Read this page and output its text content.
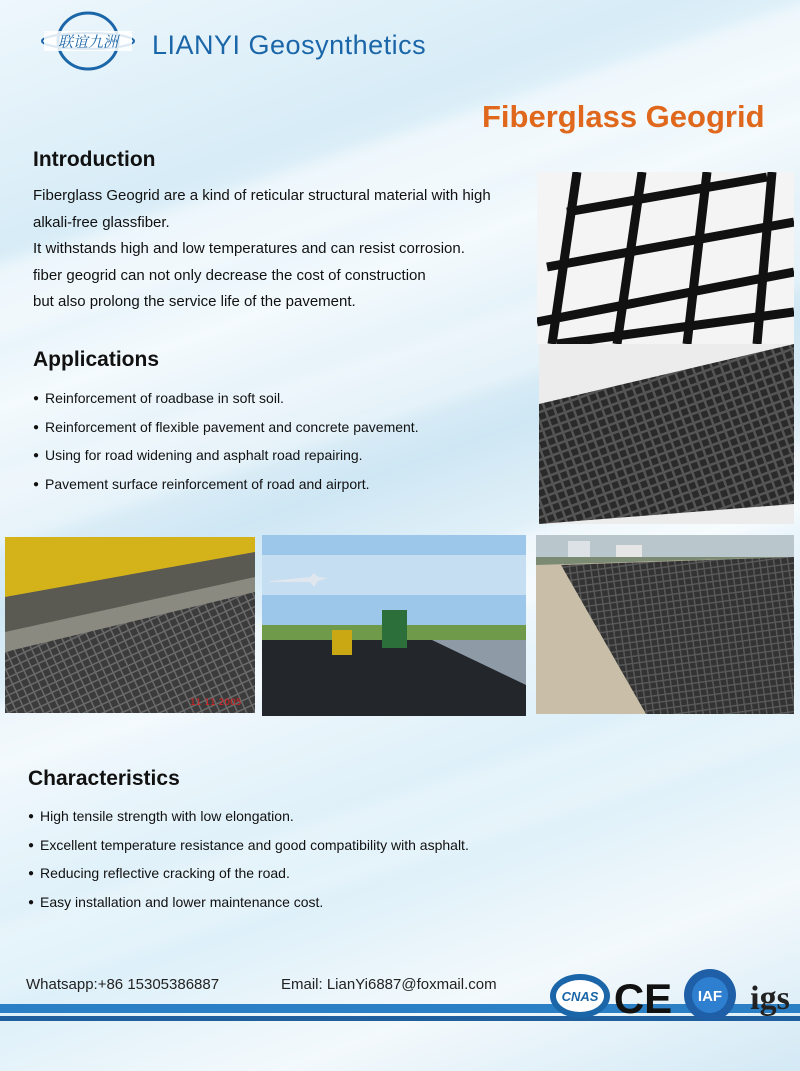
联谊九洲 LIANYI Geosynthetics
Fiberglass Geogrid
Introduction
Fiberglass Geogrid are a kind of reticular structural material with high
alkali-free glassfiber.
It withstands high and low temperatures and can resist corrosion.
fiber geogrid can not only decrease the cost of construction
but also prolong the service life of the pavement.
Applications
● Reinforcement of roadbase in soft soil.
● Reinforcement of flexible pavement and concrete pavement.
● Using for road widening and asphalt road repairing.
● Pavement surface reinforcement of road and airport.
11 11 2005
Characteristics
● High tensile strength with low elongation.
● Excellent temperature resistance and good compatibility with asphalt.
● Reducing reflective cracking of the road.
● Easy installation and lower maintenance cost.
Whatsapp:+86 15305386887	Email: LianYi6887@foxmail.com
CNAS CE IAF igs
